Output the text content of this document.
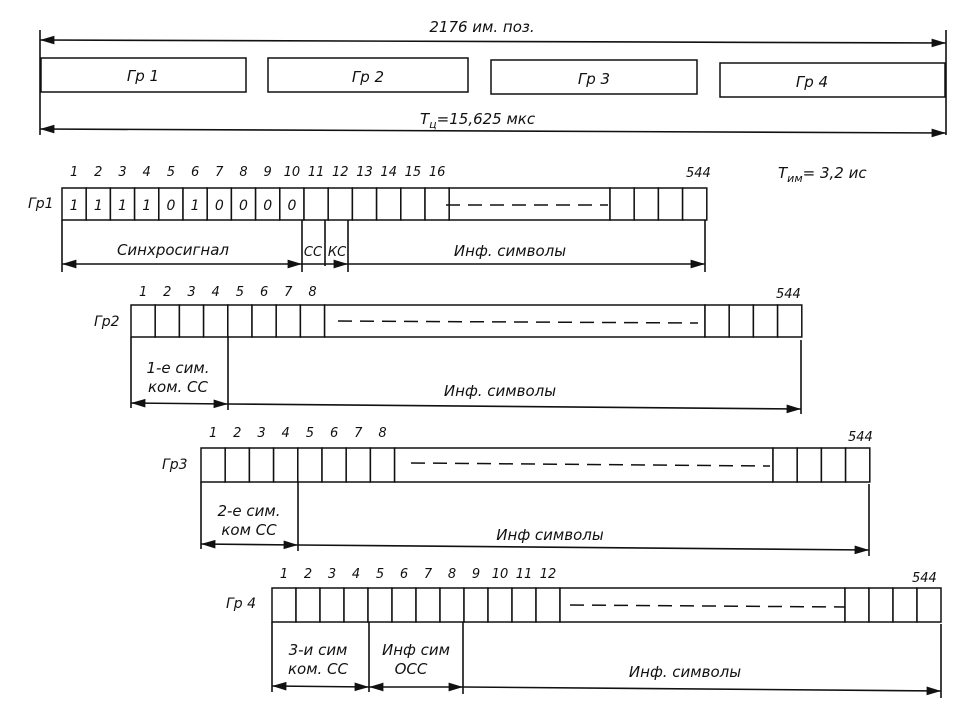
2176 им. поз.
Гр 1	Гр 2	Гр 3	Гр 4
$Т_ц=15,625$ мкс
$Т_{им}= 3,2$ ис
Гр1
1 2 3 4 5 6 7 8 9 10 11 12 13 14 15 16
1 1 1 1 0 1 0 0 0 0
544
Синхросигнал	СС КС	Инф. символы
Гр2
1 2 3 4 5 6 7 8	544
1-е сим.
ком. СС	Инф. символы
Гр3
1 2 3 4 5 6 7 8	544
2-е сим.
ком СС	Инф символы
Гр 4
1 2 3 4 5 6 7 8 9 10 11 12	544
3-и сим
ком. СС
Инф сим
ОСС	Инф. символы
